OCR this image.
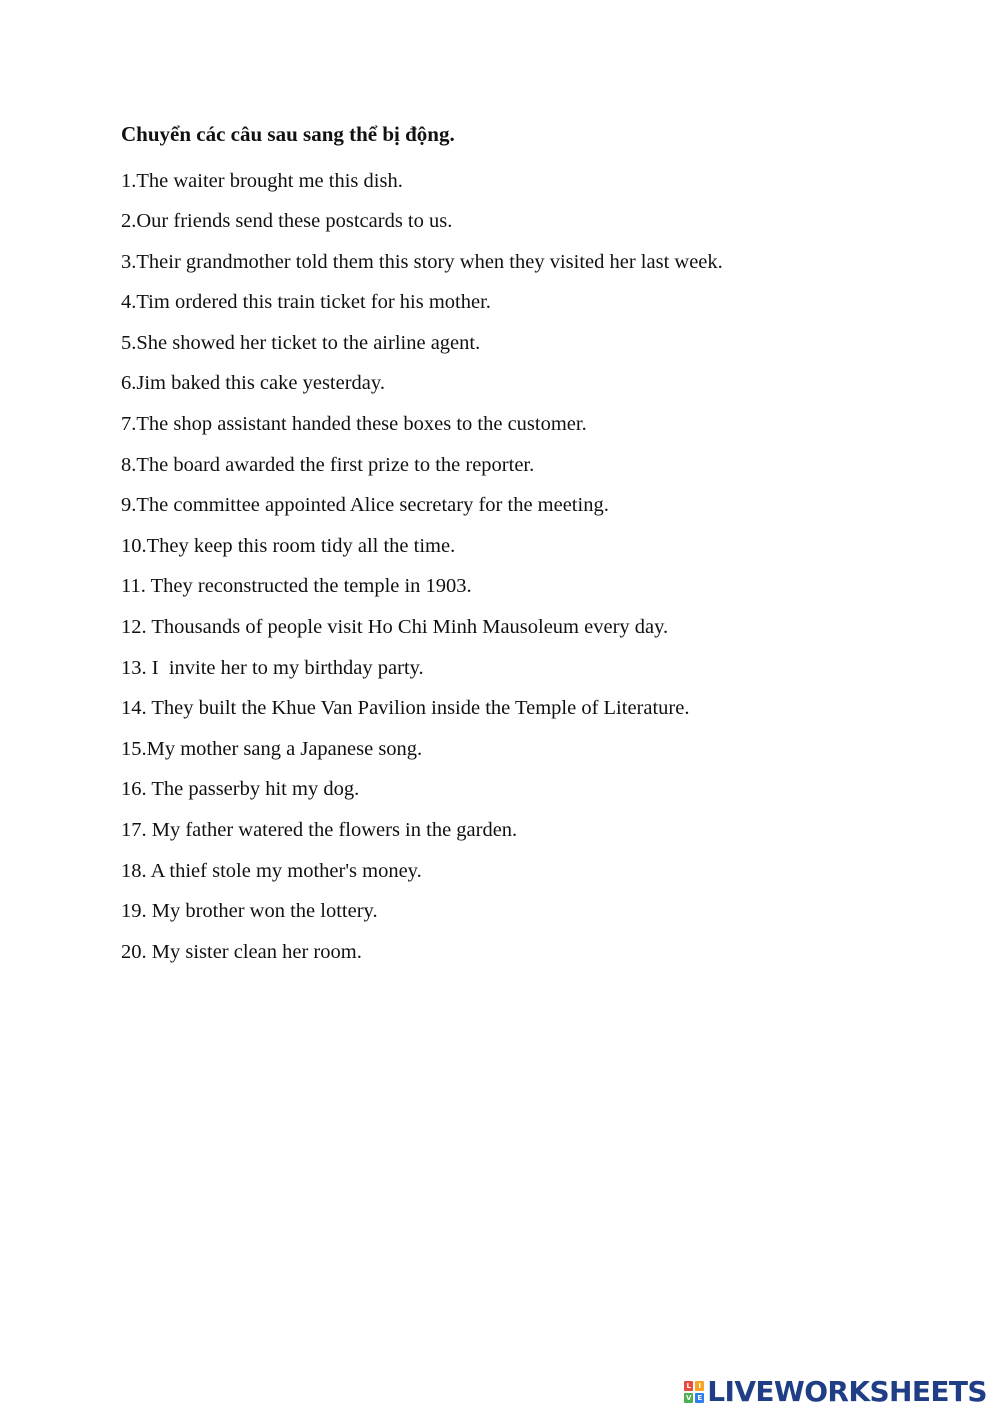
Chuyển các câu sau sang thể bị động.
1.The waiter brought me this dish.
2.Our friends send these postcards to us.
3.Their grandmother told them this story when they visited her last week.
4.Tim ordered this train ticket for his mother.
5.She showed her ticket to the airline agent.
6.Jim baked this cake yesterday.
7.The shop assistant handed these boxes to the customer.
8.The board awarded the first prize to the reporter.
9.The committee appointed Alice secretary for the meeting.
10.They keep this room tidy all the time.
11. They reconstructed the temple in 1903.
12. Thousands of people visit Ho Chi Minh Mausoleum every day.
13. I  invite her to my birthday party.
14. They built the Khue Van Pavilion inside the Temple of Literature.
15.My mother sang a Japanese song.
16. The passerby hit my dog.
17. My father watered the flowers in the garden.
18. A thief stole my mother's money.
19. My brother won the lottery.
20. My sister clean her room.
L	I
V E LIVEWORKSHEETS
